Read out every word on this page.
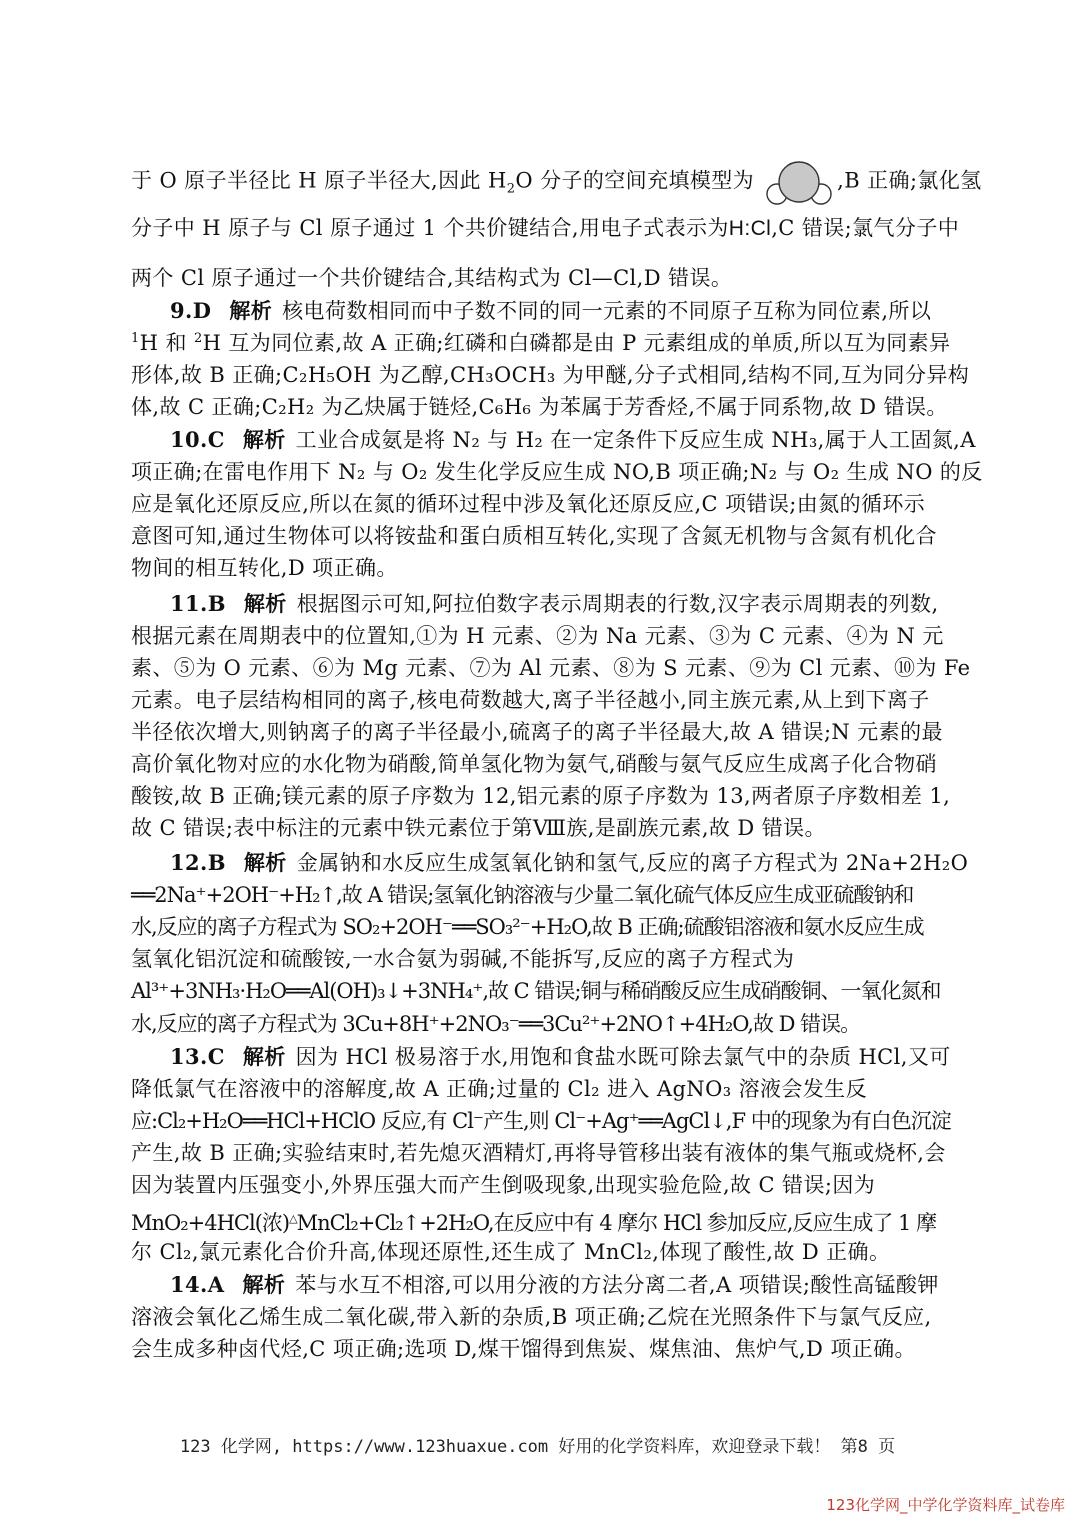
于 O 原子半径比 H 原子半径大,因此 $H_2O$ 分子的空间充填模型为	,B 正确;氯化氢
分子中 H 原子与 Cl 原子通过 1 个共价键结合,用电子式表示为H:Cl,C 错误;氯气分子中
两个 Cl 原子通过一个共价键结合,其结构式为 Cl—Cl,D 错误。
9.D 解析 核电荷数相同而中子数不同的同一元素的不同原子互称为同位素,所以
$^1$H 和 $^2$H 互为同位素,故 A 正确;红磷和白磷都是由 P 元素组成的单质,所以互为同素异
形体,故 B 正确;C₂H₅OH 为乙醇,CH₃OCH₃ 为甲醚,分子式相同,结构不同,互为同分异构
体,故 C 正确;C₂H₂ 为乙炔属于链烃,C₆H₆ 为苯属于芳香烃,不属于同系物,故 D 错误。
10.C 解析 工业合成氨是将 N₂ 与 H₂ 在一定条件下反应生成 NH₃,属于人工固氮,A
项正确;在雷电作用下 N₂ 与 O₂ 发生化学反应生成 NO,B 项正确;N₂ 与 O₂ 生成 NO 的反
应是氧化还原反应,所以在氮的循环过程中涉及氧化还原反应,C 项错误;由氮的循环示
意图可知,通过生物体可以将铵盐和蛋白质相互转化,实现了含氮无机物与含氮有机化合
物间的相互转化,D 项正确。
11.B 解析 根据图示可知,阿拉伯数字表示周期表的行数,汉字表示周期表的列数,
根据元素在周期表中的位置知,①为 H 元素、②为 Na 元素、③为 C 元素、④为 N 元
素、⑤为 O 元素、⑥为 Mg 元素、⑦为 Al 元素、⑧为 S 元素、⑨为 Cl 元素、⑩为 Fe
元素。电子层结构相同的离子,核电荷数越大,离子半径越小,同主族元素,从上到下离子
半径依次增大,则钠离子的离子半径最小,硫离子的离子半径最大,故 A 错误;N 元素的最
高价氧化物对应的水化物为硝酸,简单氢化物为氨气,硝酸与氨气反应生成离子化合物硝
酸铵,故 B 正确;镁元素的原子序数为 12,铝元素的原子序数为 13,两者原子序数相差 1,
故 C 错误;表中标注的元素中铁元素位于第Ⅷ族,是副族元素,故 D 错误。
12.B 解析 金属钠和水反应生成氢氧化钠和氢气,反应的离子方程式为 2Na+2H₂O
══2Na⁺+2OH⁻+H₂↑,故 A 错误;氢氧化钠溶液与少量二氧化硫气体反应生成亚硫酸钠和
水,反应的离子方程式为 SO₂+2OH⁻══SO₃²⁻+H₂O,故 B 正确;硫酸铝溶液和氨水反应生成
氢氧化铝沉淀和硫酸铵,一水合氨为弱碱,不能拆写,反应的离子方程式为
Al³⁺+3NH₃·H₂O══Al(OH)₃↓+3NH₄⁺,故 C 错误;铜与稀硝酸反应生成硝酸铜、一氧化氮和
水,反应的离子方程式为 3Cu+8H⁺+2NO₃⁻══3Cu²⁺+2NO↑+4H₂O,故 D 错误。
13.C 解析 因为 HCl 极易溶于水,用饱和食盐水既可除去氯气中的杂质 HCl,又可
降低氯气在溶液中的溶解度,故 A 正确;过量的 Cl₂ 进入 AgNO₃ 溶液会发生反
应:Cl₂+H₂O══HCl+HClO 反应,有 Cl⁻产生,则 Cl⁻+Ag⁺══AgCl↓,F 中的现象为有白色沉淀
产生,故 B 正确;实验结束时,若先熄灭酒精灯,再将导管移出装有液体的集气瓶或烧杯,会
因为装置内压强变小,外界压强大而产生倒吸现象,出现实验危险,故 C 错误;因为
MnO₂+4HCl(浓)△MnCl₂+Cl₂↑+2H₂O,在反应中有 4 摩尔 HCl 参加反应,反应生成了 1 摩
尔 Cl₂,氯元素化合价升高,体现还原性,还生成了 MnCl₂,体现了酸性,故 D 正确。
14.A 解析 苯与水互不相溶,可以用分液的方法分离二者,A 项错误;酸性高锰酸钾
溶液会氧化乙烯生成二氧化碳,带入新的杂质,B 项正确;乙烷在光照条件下与氯气反应,
会生成多种卤代烃,C 项正确;选项 D,煤干馏得到焦炭、煤焦油、焦炉气,D 项正确。
123 化学网, https://www.123huaxue.com 好用的化学资料库，欢迎登录下载！ 第8 页
123化学网_中学化学资料库_试卷库
